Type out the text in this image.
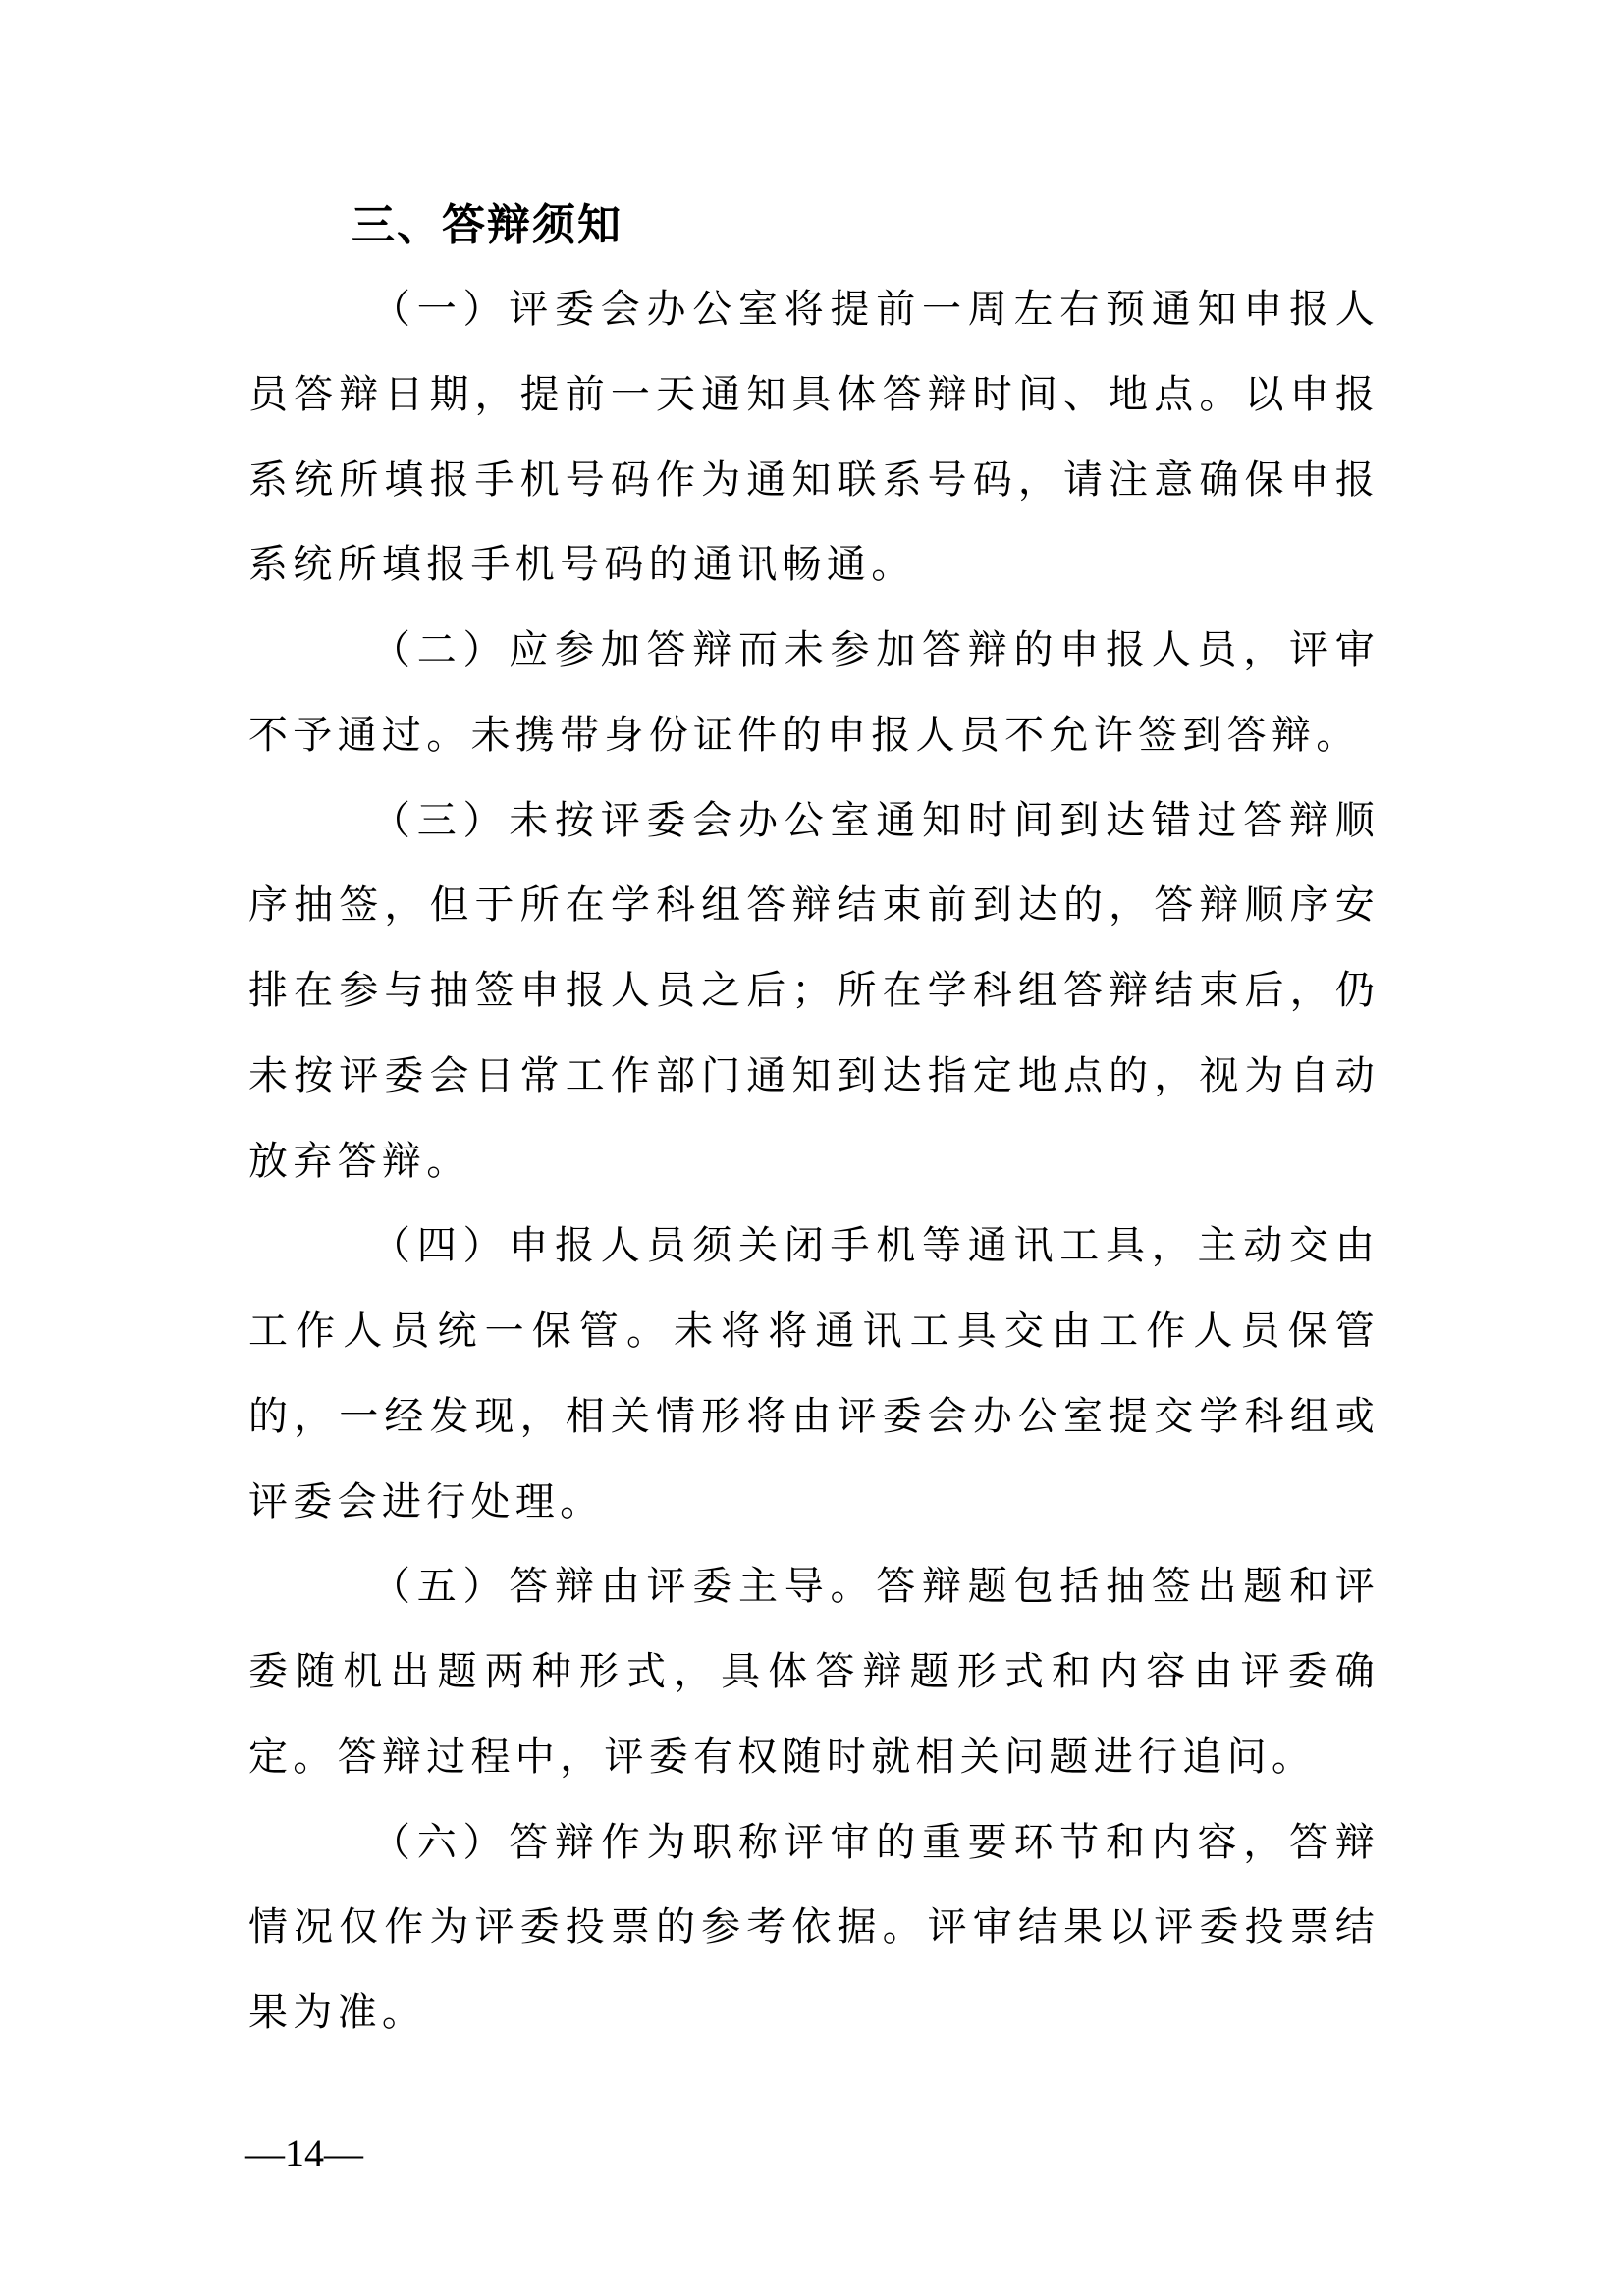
三、答辩须知

（一）评委会办公室将提前一周左右预通知申报人员答辩日期，提前一天通知具体答辩时间、地点。以申报系统所填报手机号码作为通知联系号码，请注意确保申报系统所填报手机号码的通讯畅通。

（二）应参加答辩而未参加答辩的申报人员，评审不予通过。未携带身份证件的申报人员不允许签到答辩。

（三）未按评委会办公室通知时间到达错过答辩顺序抽签，但于所在学科组答辩结束前到达的，答辩顺序安排在参与抽签申报人员之后；所在学科组答辩结束后，仍未按评委会日常工作部门通知到达指定地点的，视为自动放弃答辩。

（四）申报人员须关闭手机等通讯工具，主动交由工作人员统一保管。未将将通讯工具交由工作人员保管的，一经发现，相关情形将由评委会办公室提交学科组或评委会进行处理。

（五）答辩由评委主导。答辩题包括抽签出题和评委随机出题两种形式，具体答辩题形式和内容由评委确定。答辩过程中，评委有权随时就相关问题进行追问。

（六）答辩作为职称评审的重要环节和内容，答辩情况仅作为评委投票的参考依据。评审结果以评委投票结果为准。

—14—
